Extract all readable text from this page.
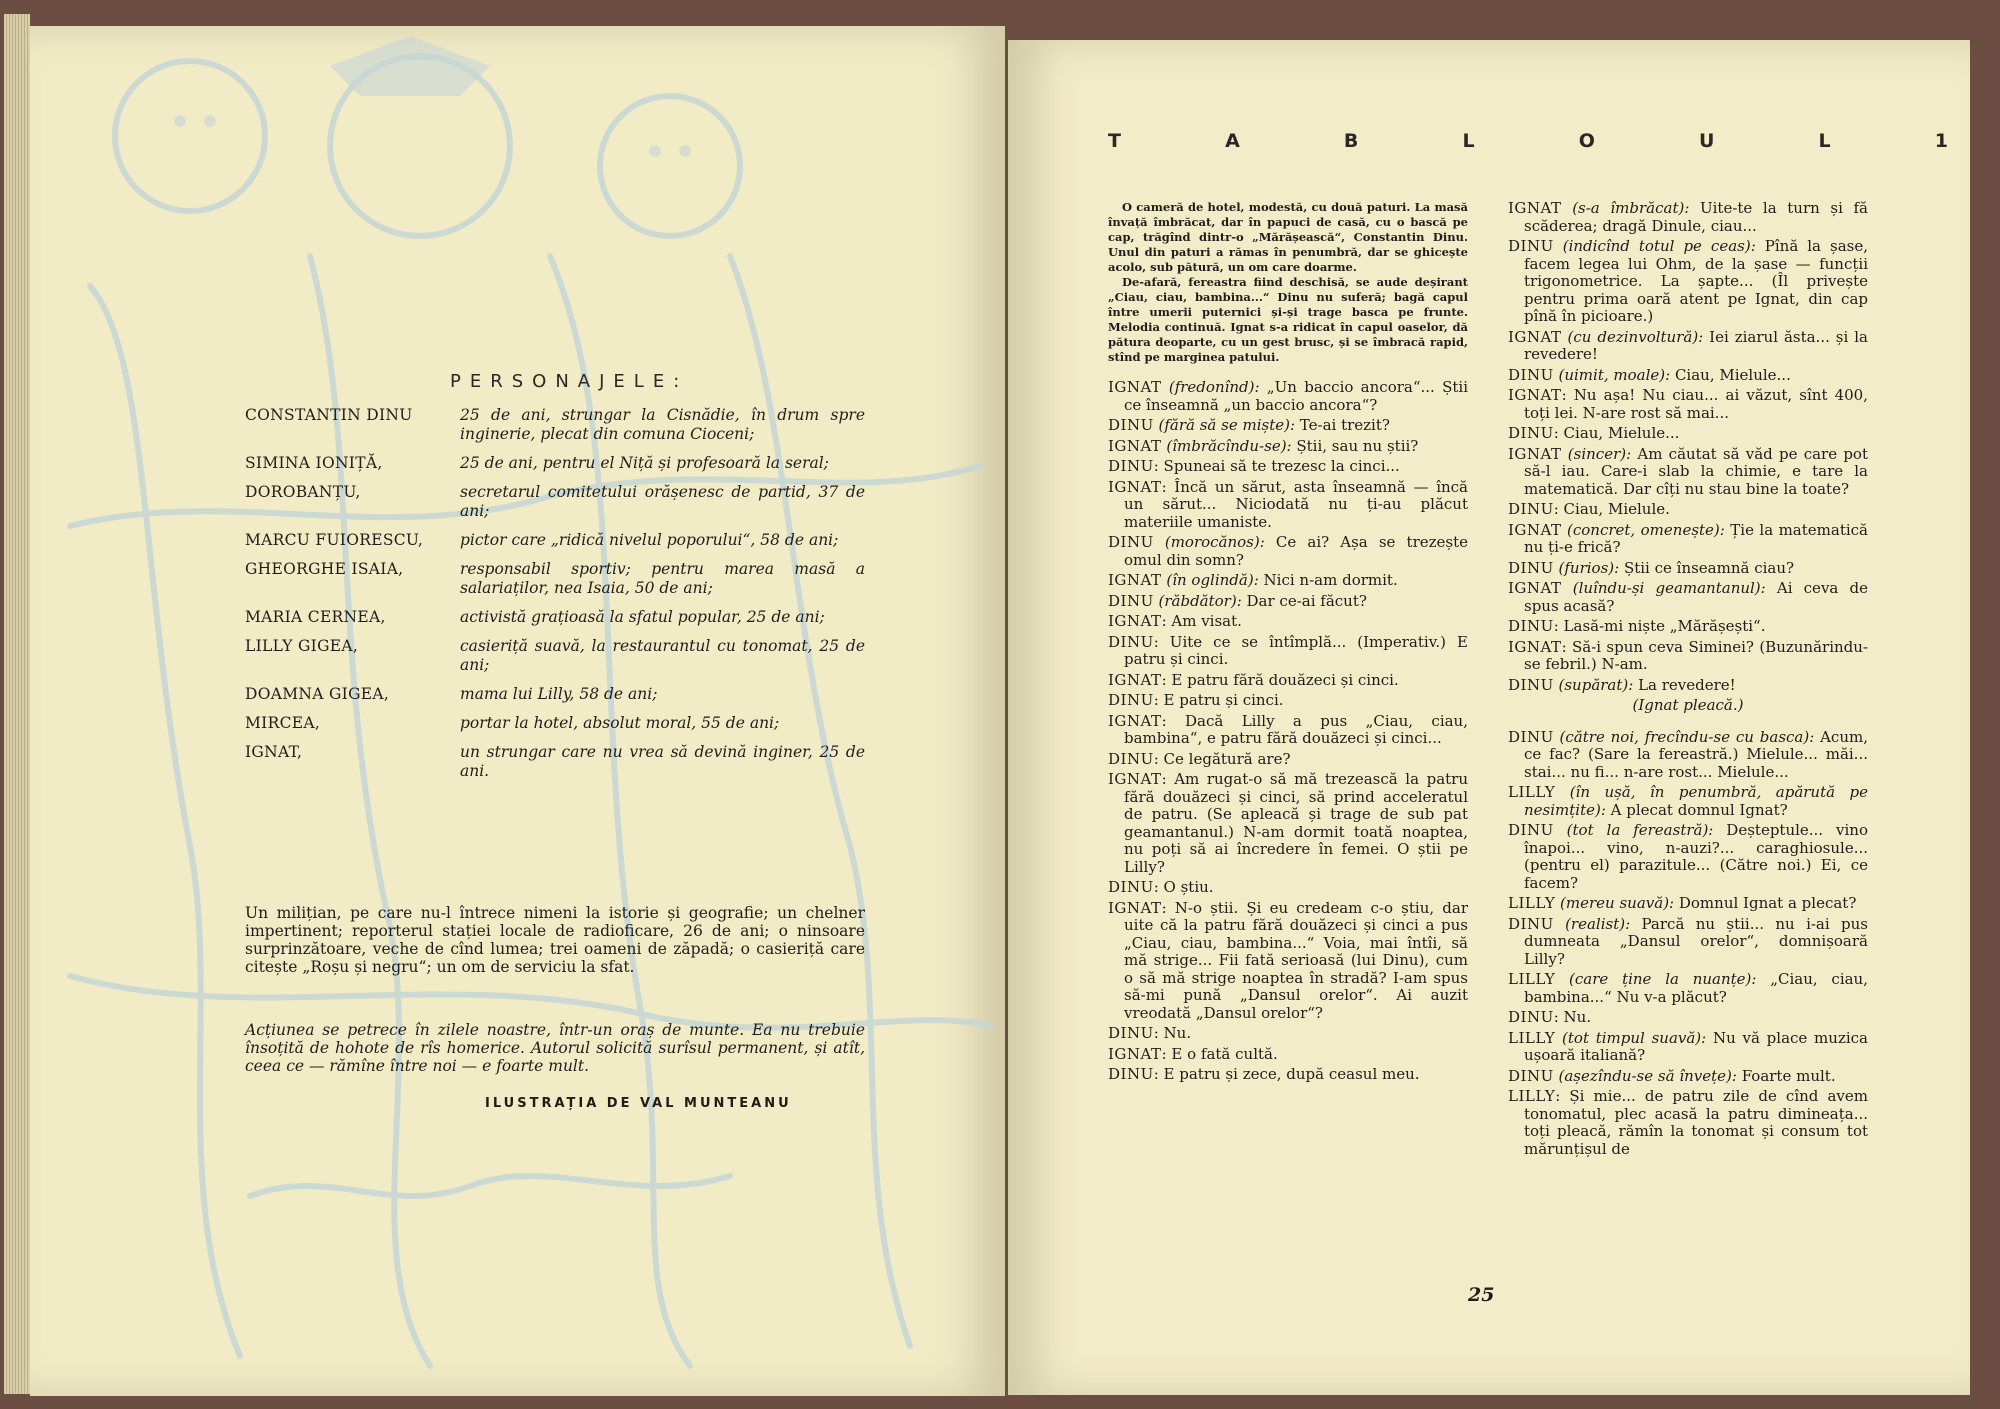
PERSONAJELE:
CONSTANTIN DINU	25 de ani, strungar la Cisnădie, în drum spre inginerie, plecat din comuna Cioceni;
SIMINA IONIȚĂ,	25 de ani, pentru el Niță și profesoară la seral;
DOROBANȚU,	secretarul comitetului orășenesc de partid, 37 de ani;
MARCU FUIORESCU,	pictor care „ridică nivelul poporului“, 58 de ani;
GHEORGHE ISAIA,	responsabil sportiv; pentru marea masă a salariaților, nea Isaia, 50 de ani;
MARIA CERNEA,	activistă grațioasă la sfatul popular, 25 de ani;
LILLY GIGEA,	casieriță suavă, la restaurantul cu tonomat, 25 de ani;
DOAMNA GIGEA,	mama lui Lilly, 58 de ani;
MIRCEA,	portar la hotel, absolut moral, 55 de ani;
IGNAT,	un strungar care nu vrea să devină inginer, 25 de ani.
Un milițian, pe care nu-l întrece nimeni la istorie și geografie; un chelner impertinent; reporterul stației locale de radioficare, 26 de ani; o ninsoare surprinzătoare, veche de cînd lumea; trei oameni de zăpadă; o casieriță care citește „Roșu și negru“; un om de serviciu la sfat.
Acțiunea se petrece în zilele noastre, într-un oraș de munte. Ea nu trebuie însoțită de hohote de rîs homerice. Autorul solicită surîsul permanent, și atît, ceea ce — rămîne între noi — e foarte mult.
ILUSTRAȚIA DE VAL MUNTEANU
T	A	B	L	O	U	L	1

O cameră de hotel, modestă, cu două paturi. La masă învață îmbrăcat, dar în papuci de casă, cu o bască pe cap, trăgînd dintr-o „Mărășească“, Constantin Dinu. Unul din paturi a rămas în penumbră, dar se ghicește acolo, sub pătură, un om care doarme.

De-afară, fereastra fiind deschisă, se aude deșirant „Ciau, ciau, bambina...“ Dinu nu suferă; bagă capul între umerii puternici și-și trage basca pe frunte. Melodia continuă. Ignat s-a ridicat în capul oaselor, dă pătura deoparte, cu un gest brusc, și se îmbracă rapid, stînd pe marginea patului.

IGNAT (fredonînd): „Un baccio ancora“... Știi ce înseamnă „un baccio ancora“?

DINU (fără să se miște): Te-ai trezit?

IGNAT (îmbrăcîndu-se): Știi, sau nu știi?

DINU: Spuneai să te trezesc la cinci...

IGNAT: Încă un sărut, asta înseamnă — încă un sărut... Niciodată nu ți-au plăcut materiile umaniste.

DINU (morocănos): Ce ai? Așa se trezește omul din somn?

IGNAT (în oglindă): Nici n-am dormit.

DINU (răbdător): Dar ce-ai făcut?

IGNAT: Am visat.

DINU: Uite ce se întîmplă... (Imperativ.) E patru și cinci.

IGNAT: E patru fără douăzeci și cinci.

DINU: E patru și cinci.

IGNAT: Dacă Lilly a pus „Ciau, ciau, bambina“, e patru fără douăzeci și cinci...

DINU: Ce legătură are?

IGNAT: Am rugat-o să mă trezească la patru fără douăzeci și cinci, să prind acceleratul de patru. (Se apleacă și trage de sub pat geamantanul.) N-am dormit toată noaptea, nu poți să ai încredere în femei. O știi pe Lilly?

DINU: O știu.

IGNAT: N-o știi. Și eu credeam c-o știu, dar uite că la patru fără douăzeci și cinci a pus „Ciau, ciau, bambina...“ Voia, mai întîi, să mă strige... Fii fată serioasă (lui Dinu), cum o să mă strige noaptea în stradă? I-am spus să-mi pună „Dansul orelor“. Ai auzit vreodată „Dansul orelor“?

DINU: Nu.

IGNAT: E o fată cultă.

DINU: E patru și zece, după ceasul meu.

IGNAT (s-a îmbrăcat): Uite-te la turn și fă scăderea; dragă Dinule, ciau...

DINU (indicînd totul pe ceas): Pînă la șase, facem legea lui Ohm, de la șase — funcții trigonometrice. La șapte... (Îl privește pentru prima oară atent pe Ignat, din cap pînă în picioare.)

IGNAT (cu dezinvoltură): Iei ziarul ăsta... și la revedere!

DINU (uimit, moale): Ciau, Mielule...

IGNAT: Nu așa! Nu ciau... ai văzut, sînt 400, toți lei. N-are rost să mai...

DINU: Ciau, Mielule...

IGNAT (sincer): Am căutat să văd pe care pot să-l iau. Care-i slab la chimie, e tare la matematică. Dar cîți nu stau bine la toate?

DINU: Ciau, Mielule.

IGNAT (concret, omenește): Ție la matematică nu ți-e frică?

DINU (furios): Știi ce înseamnă ciau?

IGNAT (luîndu-și geamantanul): Ai ceva de spus acasă?

DINU: Lasă-mi niște „Mărășești“.

IGNAT: Să-i spun ceva Siminei? (Buzunărindu-se febril.) N-am.

DINU (supărat): La revedere!

(Ignat pleacă.)

DINU (către noi, frecîndu-se cu basca): Acum, ce fac? (Sare la fereastră.) Mielule... măi... stai... nu fi... n-are rost... Mielule...

LILLY (în ușă, în penumbră, apărută pe nesimțite): A plecat domnul Ignat?

DINU (tot la fereastră): Deșteptule... vino înapoi... vino, n-auzi?... caraghiosule... (pentru el) parazitule... (Către noi.) Ei, ce facem?

LILLY (mereu suavă): Domnul Ignat a plecat?

DINU (realist): Parcă nu știi... nu i-ai pus dumneata „Dansul orelor“, domnișoară Lilly?

LILLY (care ține la nuanțe): „Ciau, ciau, bambina...“ Nu v-a plăcut?

DINU: Nu.

LILLY (tot timpul suavă): Nu vă place muzica ușoară italiană?

DINU (așezîndu-se să învețe): Foarte mult.

LILLY: Și mie... de patru zile de cînd avem tonomatul, plec acasă la patru dimineața... toți pleacă, rămîn la tonomat și consum tot mărunțișul de

25
